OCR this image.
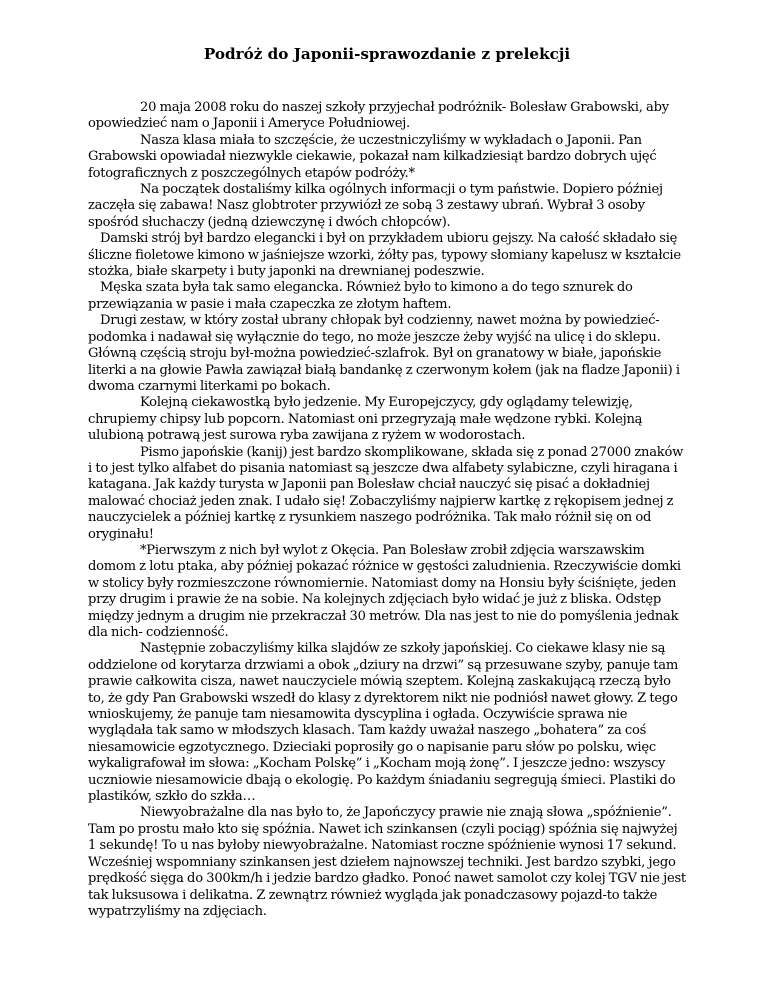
Podróż do Japonii-sprawozdanie z prelekcji

20 maja 2008 roku do naszej szkoły przyjechał podróżnik- Bolesław Grabowski, aby opowiedzieć nam o Japonii i Ameryce Południowej.

Nasza klasa miała to szczęście, że uczestniczyliśmy w wykładach o Japonii. Pan Grabowski opowiadał niezwykle ciekawie, pokazał nam kilkadziesiąt bardzo dobrych ujęć fotograficznych z poszczególnych etapów podróży.*

Na początek dostaliśmy kilka ogólnych informacji o tym państwie. Dopiero później zaczęła się zabawa! Nasz globtroter przywiózł ze sobą 3 zestawy ubrań. Wybrał 3 osoby spośród słuchaczy (jedną dziewczynę i dwóch chłopców).

Damski strój był bardzo elegancki i był on przykładem ubioru gejszy. Na całość składało się śliczne fioletowe kimono w jaśniejsze wzorki, żółty pas, typowy słomiany kapelusz w kształcie stożka, białe skarpety i buty japonki na drewnianej podeszwie.

Męska szata była tak samo elegancka. Również było to kimono a do tego sznurek do przewiązania w pasie i mała czapeczka ze złotym haftem.

Drugi zestaw, w który został ubrany chłopak był codzienny, nawet można by powiedzieć- podomka i nadawał się wyłącznie do tego, no może jeszcze żeby wyjść na ulicę i do sklepu. Główną częścią stroju był-można powiedzieć-szlafrok. Był on granatowy w białe, japońskie literki a na głowie Pawła zawiązał białą bandankę z czerwonym kołem (jak na fladze Japonii) i dwoma czarnymi literkami po bokach.

Kolejną ciekawostką było jedzenie. My Europejczycy, gdy oglądamy telewizję, chrupiemy chipsy lub popcorn. Natomiast oni przegryzają małe wędzone rybki. Kolejną ulubioną potrawą jest surowa ryba zawijana z ryżem w wodorostach.

Pismo japońskie (kanij) jest bardzo skomplikowane, składa się z ponad 27000 znaków i to jest tylko alfabet do pisania natomiast są jeszcze dwa alfabety sylabiczne, czyli hiragana i katagana. Jak każdy turysta w Japonii pan Bolesław chciał nauczyć się pisać a dokładniej malować chociaż jeden znak. I udało się! Zobaczyliśmy najpierw kartkę z rękopisem jednej z nauczycielek a później kartkę z rysunkiem naszego podróżnika. Tak mało różnił się on od oryginału!

*Pierwszym z nich był wylot z Okęcia. Pan Bolesław zrobił zdjęcia warszawskim domom z lotu ptaka, aby później pokazać różnice w gęstości zaludnienia. Rzeczywiście domki w stolicy były rozmieszczone równomiernie. Natomiast domy na Honsiu były ściśnięte, jeden przy drugim i prawie że na sobie. Na kolejnych zdjęciach było widać je już z bliska. Odstęp między jednym a drugim nie przekraczał 30 metrów. Dla nas jest to nie do pomyślenia jednak dla nich- codzienność.

Następnie zobaczyliśmy kilka slajdów ze szkoły japońskiej. Co ciekawe klasy nie są oddzielone od korytarza drzwiami a obok „dziury na drzwi” są przesuwane szyby, panuje tam prawie całkowita cisza, nawet nauczyciele mówią szeptem. Kolejną zaskakującą rzeczą było to, że gdy Pan Grabowski wszedł do klasy z dyrektorem nikt nie podniósł nawet głowy. Z tego wnioskujemy, że panuje tam niesamowita dyscyplina i ogłada. Oczywiście sprawa nie wyglądała tak samo w młodszych klasach. Tam każdy uważał naszego „bohatera” za coś niesamowicie egzotycznego. Dzieciaki poprosiły go o napisanie paru słów po polsku, więc wykaligrafował im słowa: „Kocham Polskę” i „Kocham moją żonę”. I jeszcze jedno: wszyscy uczniowie niesamowicie dbają o ekologię. Po każdym śniadaniu segregują śmieci. Plastiki do plastików, szkło do szkła…

Niewyobrażalne dla nas było to, że Japończycy prawie nie znają słowa „spóźnienie”. Tam po prostu mało kto się spóźnia. Nawet ich szinkansen (czyli pociąg) spóźnia się najwyżej 1 sekundę! To u nas byłoby niewyobrażalne. Natomiast roczne spóźnienie wynosi 17 sekund.

Wcześniej wspomniany szinkansen jest dziełem najnowszej techniki. Jest bardzo szybki, jego prędkość sięga do 300km/h i jedzie bardzo gładko. Ponoć nawet samolot czy kolej TGV nie jest tak luksusowa i delikatna. Z zewnątrz również wygląda jak ponadczasowy pojazd-to także wypatrzyliśmy na zdjęciach.
